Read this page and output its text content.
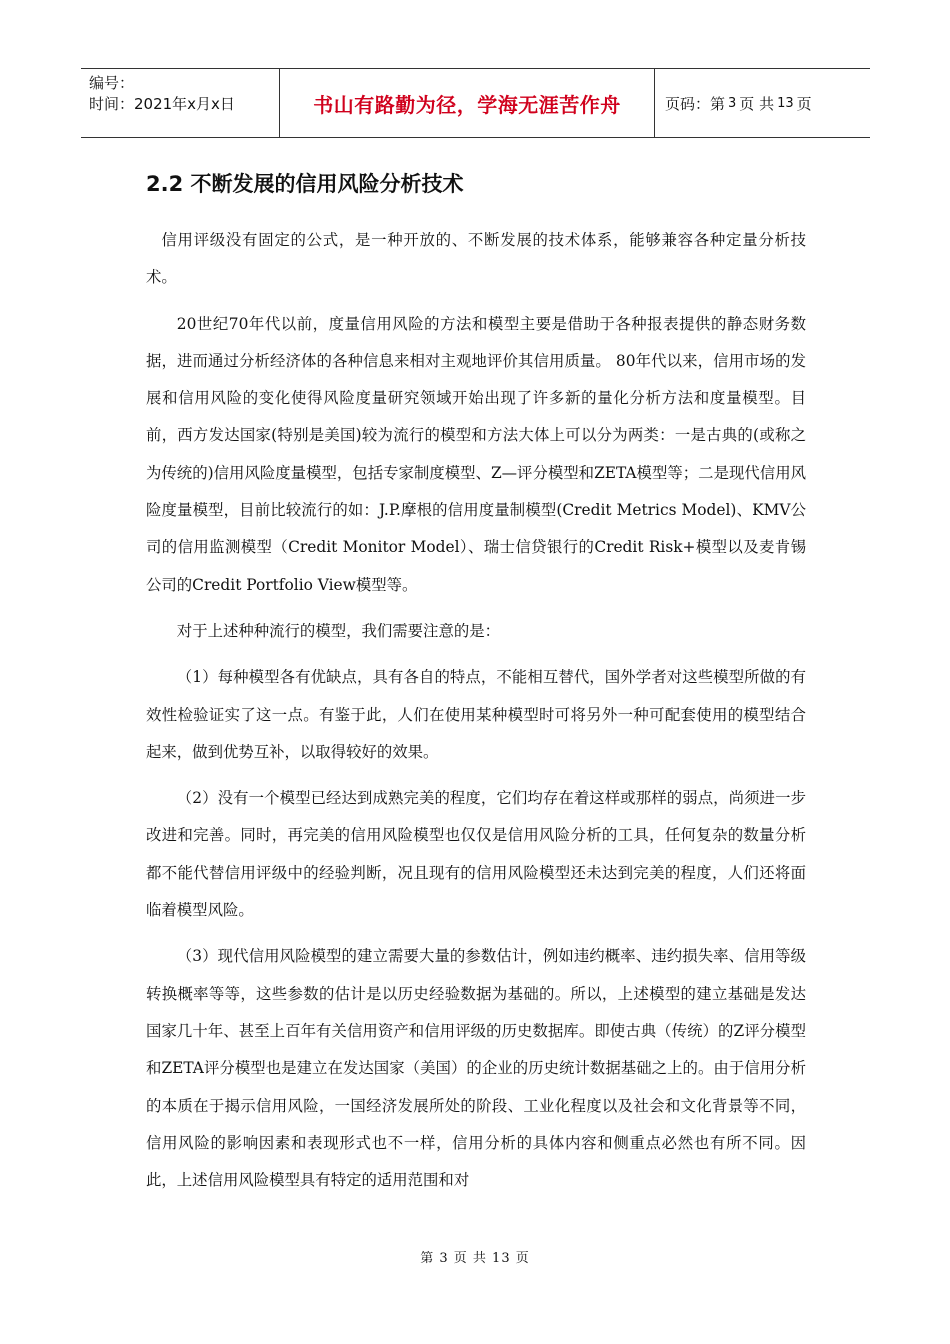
编号：
时间：2021年x月x日	书山有路勤为径，学海无涯苦作舟	页码：第 3 页 共 13 页
2.2 不断发展的信用风险分析技术

信用评级没有固定的公式，是一种开放的、不断发展的技术体系，能够兼容各种定量分析技术。

20世纪70年代以前，度量信用风险的方法和模型主要是借助于各种报表提供的静态财务数据，进而通过分析经济体的各种信息来相对主观地评价其信用质量。 80年代以来，信用市场的发展和信用风险的变化使得风险度量研究领域开始出现了许多新的量化分析方法和度量模型。目前，西方发达国家(特别是美国)较为流行的模型和方法大体上可以分为两类：一是古典的(或称之为传统的)信用风险度量模型，包括专家制度模型、Z—评分模型和ZETA模型等；二是现代信用风险度量模型，目前比较流行的如：J.P.摩根的信用度量制模型(Credit Metrics Model)、KMV公司的信用监测模型（Credit Monitor Model）、瑞士信贷银行的Credit Risk+模型以及麦肯锡公司的Credit Portfolio View模型等。

对于上述种种流行的模型，我们需要注意的是：

（1）每种模型各有优缺点，具有各自的特点，不能相互替代，国外学者对这些模型所做的有效性检验证实了这一点。有鉴于此，人们在使用某种模型时可将另外一种可配套使用的模型结合起来，做到优势互补，以取得较好的效果。

（2）没有一个模型已经达到成熟完美的程度，它们均存在着这样或那样的弱点，尚须进一步改进和完善。同时，再完美的信用风险模型也仅仅是信用风险分析的工具，任何复杂的数量分析都不能代替信用评级中的经验判断，况且现有的信用风险模型还未达到完美的程度，人们还将面临着模型风险。

（3）现代信用风险模型的建立需要大量的参数估计，例如违约概率、违约损失率、信用等级转换概率等等，这些参数的估计是以历史经验数据为基础的。所以，上述模型的建立基础是发达国家几十年、甚至上百年有关信用资产和信用评级的历史数据库。即使古典（传统）的Z评分模型和ZETA评分模型也是建立在发达国家（美国）的企业的历史统计数据基础之上的。由于信用分析的本质在于揭示信用风险，一国经济发展所处的阶段、工业化程度以及社会和文化背景等不同，信用风险的影响因素和表现形式也不一样，信用分析的具体内容和侧重点必然也有所不同。因此，上述信用风险模型具有特定的适用范围和对

第 3 页 共 13 页
